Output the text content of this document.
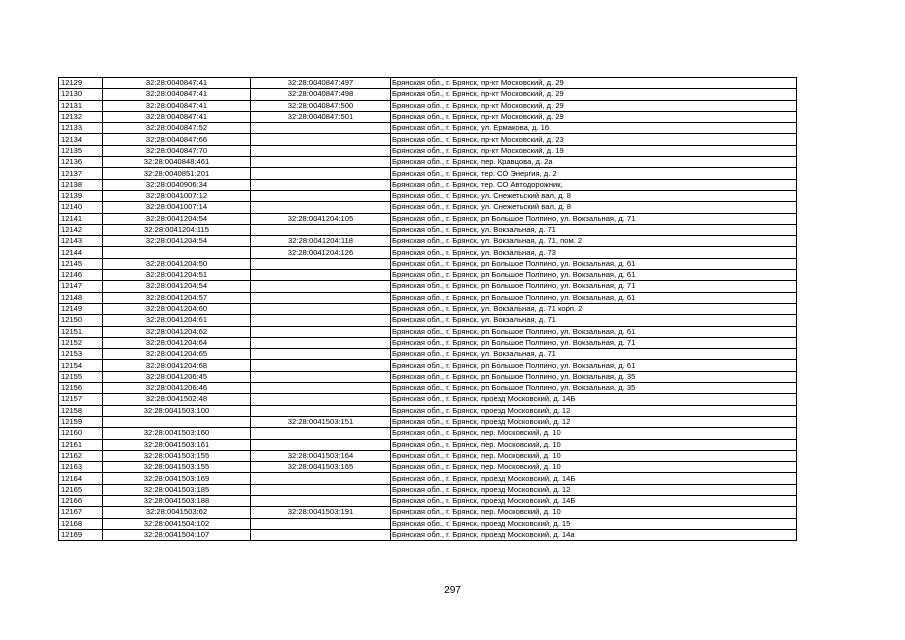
12129	32:28:0040847:41	32:28:0040847:497	Брянская обл., г. Брянск, пр-кт Московский, д. 29
12130	32:28:0040847:41	32:28:0040847:498	Брянская обл., г. Брянск, пр-кт Московский, д. 29
12131	32:28:0040847:41	32:28:0040847:500	Брянская обл., г. Брянск, пр-кт Московский, д. 29
12132	32:28:0040847:41	32:28:0040847:501	Брянская обл., г. Брянск, пр-кт Московский, д. 29
12133	32:28:0040847:52		Брянская обл., г. Брянск, ул. Ермакова, д. 16
12134	32:28:0040847:66		Брянская обл., г. Брянск, пр-кт Московский, д. 23
12135	32:28:0040847:70		Брянская обл., г. Брянск, пр-кт Московский, д. 19
12136	32:28:0040848:461		Брянская обл., г. Брянск, пер. Кравцова, д. 2а
12137	32:28:0040851:201		Брянская обл., г. Брянск, тер. СО Энергия, д. 2
12138	32:28:0040906:34		Брянская обл., г. Брянск, тер. СО Автодорожник,
12139	32:28:0041007:12		Брянская обл., г. Брянск, ул. Снежетьский вал, д. 8
12140	32:28:0041007:14		Брянская обл., г. Брянск, ул. Снежетьский вал, д. 8
12141	32:28:0041204:54	32:28:0041204:105	Брянская обл., г. Брянск, рп Большое Полпино, ул. Вокзальная, д. 71
12142	32:28:0041204:115		Брянская обл., г. Брянск, ул. Вокзальная, д. 71
12143	32:28:0041204:54	32:28:0041204:118	Брянская обл., г. Брянск, ул. Вокзальная, д. 71, пом. 2
12144		32:28:0041204:126	Брянская обл., г. Брянск, ул. Вокзальная, д. 73
12145	32:28:0041204:50		Брянская обл., г. Брянск, рп Большое Полпино, ул. Вокзальная, д. 61
12146	32:28:0041204:51		Брянская обл., г. Брянск, рп Большое Полпино, ул. Вокзальная, д. 61
12147	32:28:0041204:54		Брянская обл., г. Брянск, рп Большое Полпино, ул. Вокзальная, д. 71
12148	32:28:0041204:57		Брянская обл., г. Брянск, рп Большое Полпино, ул. Вокзальная, д. 61
12149	32:28:0041204:60		Брянская обл., г. Брянск, ул. Вокзальная, д. 71 корп. 2
12150	32:28:0041204:61		Брянская обл., г. Брянск, ул. Вокзальная, д. 71
12151	32:28:0041204:62		Брянская обл., г. Брянск, рп Большое Полпино, ул. Вокзальная, д. 61
12152	32:28:0041204:64		Брянская обл., г. Брянск, рп Большое Полпино, ул. Вокзальная, д. 71
12153	32:28:0041204:65		Брянская обл., г. Брянск, ул. Вокзальная, д. 71
12154	32:28:0041204:68		Брянская обл., г. Брянск, рп Большое Полпино, ул. Вокзальная, д. 61
12155	32:28:0041206:45		Брянская обл., г. Брянск, рп Большое Полпино, ул. Вокзальная, д. 35
12156	32:28:0041206:46		Брянская обл., г. Брянск, рп Большое Полпино, ул. Вокзальная, д. 35
12157	32:28:0041502:48		Брянская обл., г. Брянск, проезд Московский, д. 14Б
12158	32:28:0041503:100		Брянская обл., г. Брянск, проезд Московский, д. 12
12159		32:28:0041503:151	Брянская обл., г. Брянск, проезд Московский, д. 12
12160	32:28:0041503:160		Брянская обл., г. Брянск, пер. Московский, д. 10
12161	32:28:0041503:161		Брянская обл., г. Брянск, пер. Московский, д. 10
12162	32:28:0041503:155	32:28:0041503:164	Брянская обл., г. Брянск, пер. Московский, д. 10
12163	32:28:0041503:155	32:28:0041503:165	Брянская обл., г. Брянск, пер. Московский, д. 10
12164	32:28:0041503:169		Брянская обл., г. Брянск, проезд Московский, д. 14Б
12165	32:28:0041503:185		Брянская обл., г. Брянск, проезд Московский, д. 12
12166	32:28:0041503:188		Брянская обл., г. Брянск, проезд Московский, д. 14Б
12167	32:28:0041503:62	32:28:0041503:191	Брянская обл., г. Брянск, пер. Московский, д. 10
12168	32:28:0041504:102		Брянская обл., г. Брянск, проезд Московский, д. 15
12169	32:28:0041504:107		Брянская обл., г. Брянск, проезд Московский, д. 14а
297
